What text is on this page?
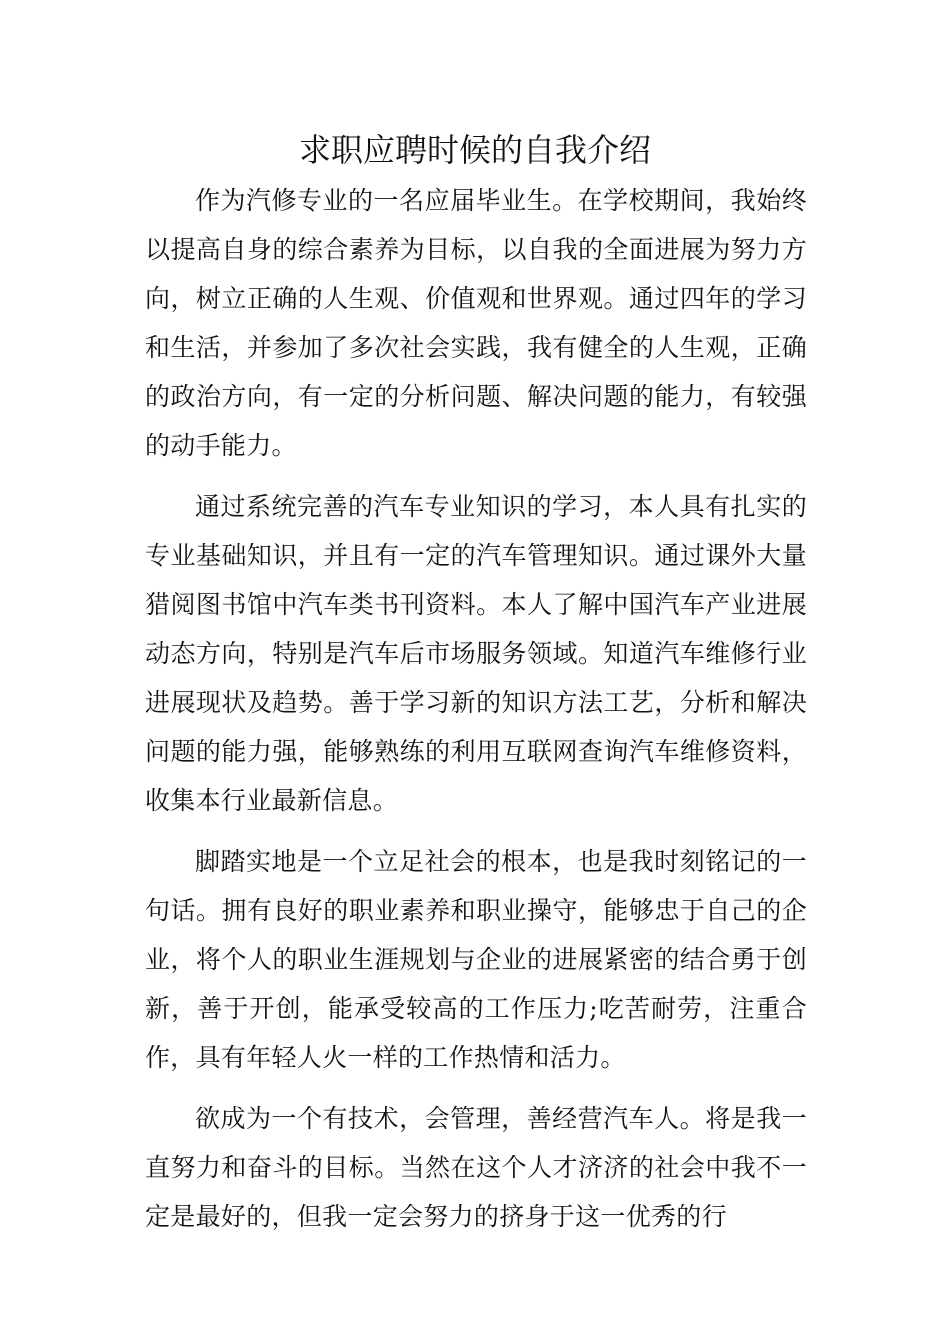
求职应聘时候的自我介绍

作为汽修专业的一名应届毕业生。在学校期间，我始终以提高自身的综合素养为目标，以自我的全面进展为努力方向，树立正确的人生观、价值观和世界观。通过四年的学习和生活，并参加了多次社会实践，我有健全的人生观，正确的政治方向，有一定的分析问题、解决问题的能力，有较强的动手能力。

通过系统完善的汽车专业知识的学习，本人具有扎实的专业基础知识，并且有一定的汽车管理知识。通过课外大量猎阅图书馆中汽车类书刊资料。本人了解中国汽车产业进展动态方向，特别是汽车后市场服务领域。知道汽车维修行业进展现状及趋势。善于学习新的知识方法工艺，分析和解决问题的能力强，能够熟练的利用互联网查询汽车维修资料，收集本行业最新信息。

脚踏实地是一个立足社会的根本，也是我时刻铭记的一句话。拥有良好的职业素养和职业操守，能够忠于自己的企业，将个人的职业生涯规划与企业的进展紧密的结合勇于创新，善于开创，能承受较高的工作压力;吃苦耐劳，注重合作，具有年轻人火一样的工作热情和活力。

欲成为一个有技术，会管理，善经营汽车人。将是我一直努力和奋斗的目标。当然在这个人才济济的社会中我不一定是最好的，但我一定会努力的挤身于这一优秀的行
